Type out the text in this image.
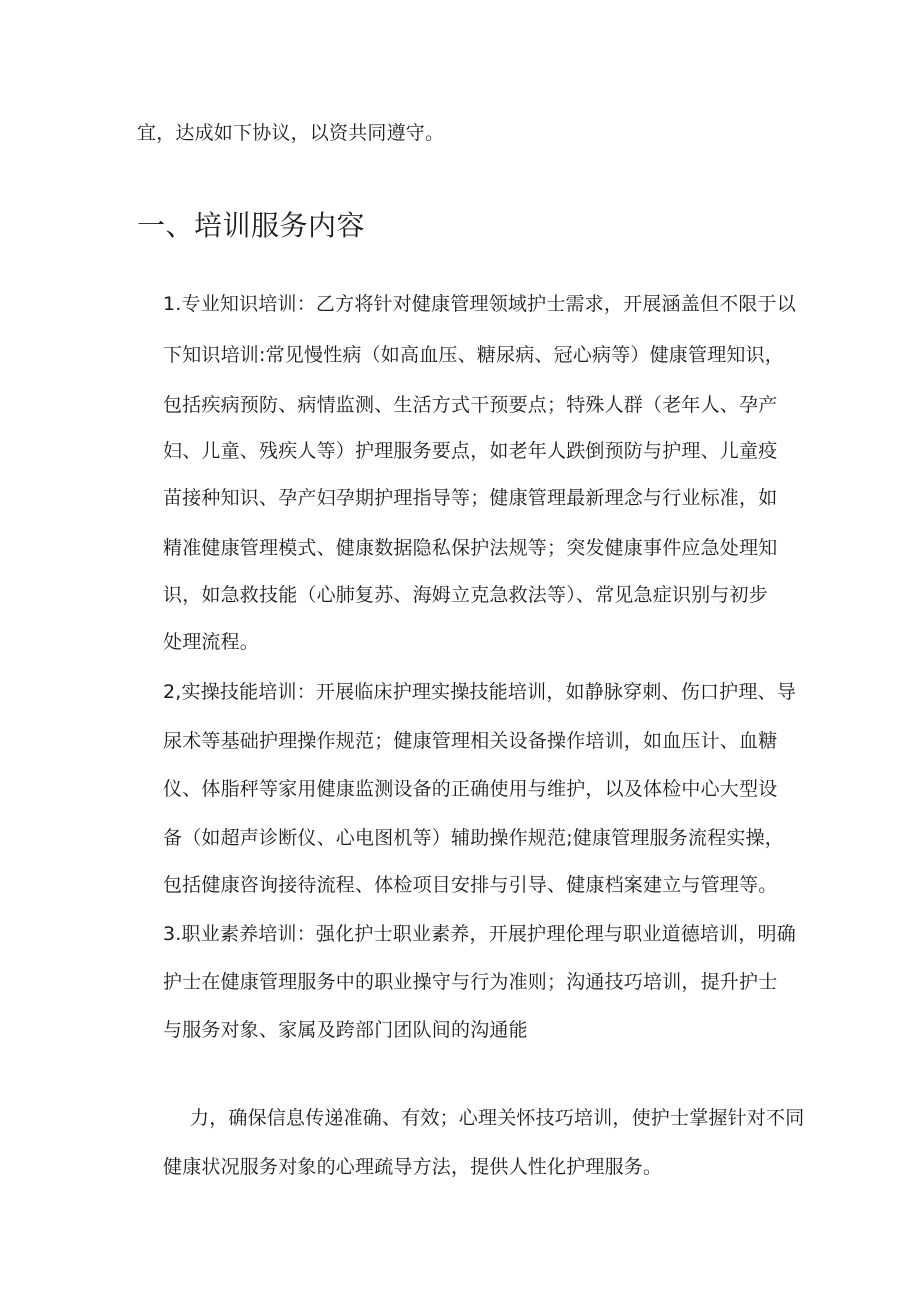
宜，达成如下协议，以资共同遵守。
一、培训服务内容
1.专业知识培训：乙方将针对健康管理领域护士需求，开展涵盖但不限于以
下知识培训:常见慢性病（如高血压、糖尿病、冠心病等）健康管理知识，
包括疾病预防、病情监测、生活方式干预要点；特殊人群（老年人、孕产
妇、儿童、残疾人等）护理服务要点，如老年人跌倒预防与护理、儿童疫
苗接种知识、孕产妇孕期护理指导等；健康管理最新理念与行业标准，如
精准健康管理模式、健康数据隐私保护法规等；突发健康事件应急处理知
识，如急救技能（心肺复苏、海姆立克急救法等）、常见急症识别与初步
处理流程。
2,实操技能培训：开展临床护理实操技能培训，如静脉穿刺、伤口护理、导
尿术等基础护理操作规范；健康管理相关设备操作培训，如血压计、血糖
仪、体脂秤等家用健康监测设备的正确使用与维护，以及体检中心大型设
备（如超声诊断仪、心电图机等）辅助操作规范;健康管理服务流程实操，
包括健康咨询接待流程、体检项目安排与引导、健康档案建立与管理等。
3.职业素养培训：强化护士职业素养，开展护理伦理与职业道德培训，明确
护士在健康管理服务中的职业操守与行为准则；沟通技巧培训，提升护士
与服务对象、家属及跨部门团队间的沟通能
力，确保信息传递准确、有效；心理关怀技巧培训，使护士掌握针对不同
健康状况服务对象的心理疏导方法，提供人性化护理服务。
